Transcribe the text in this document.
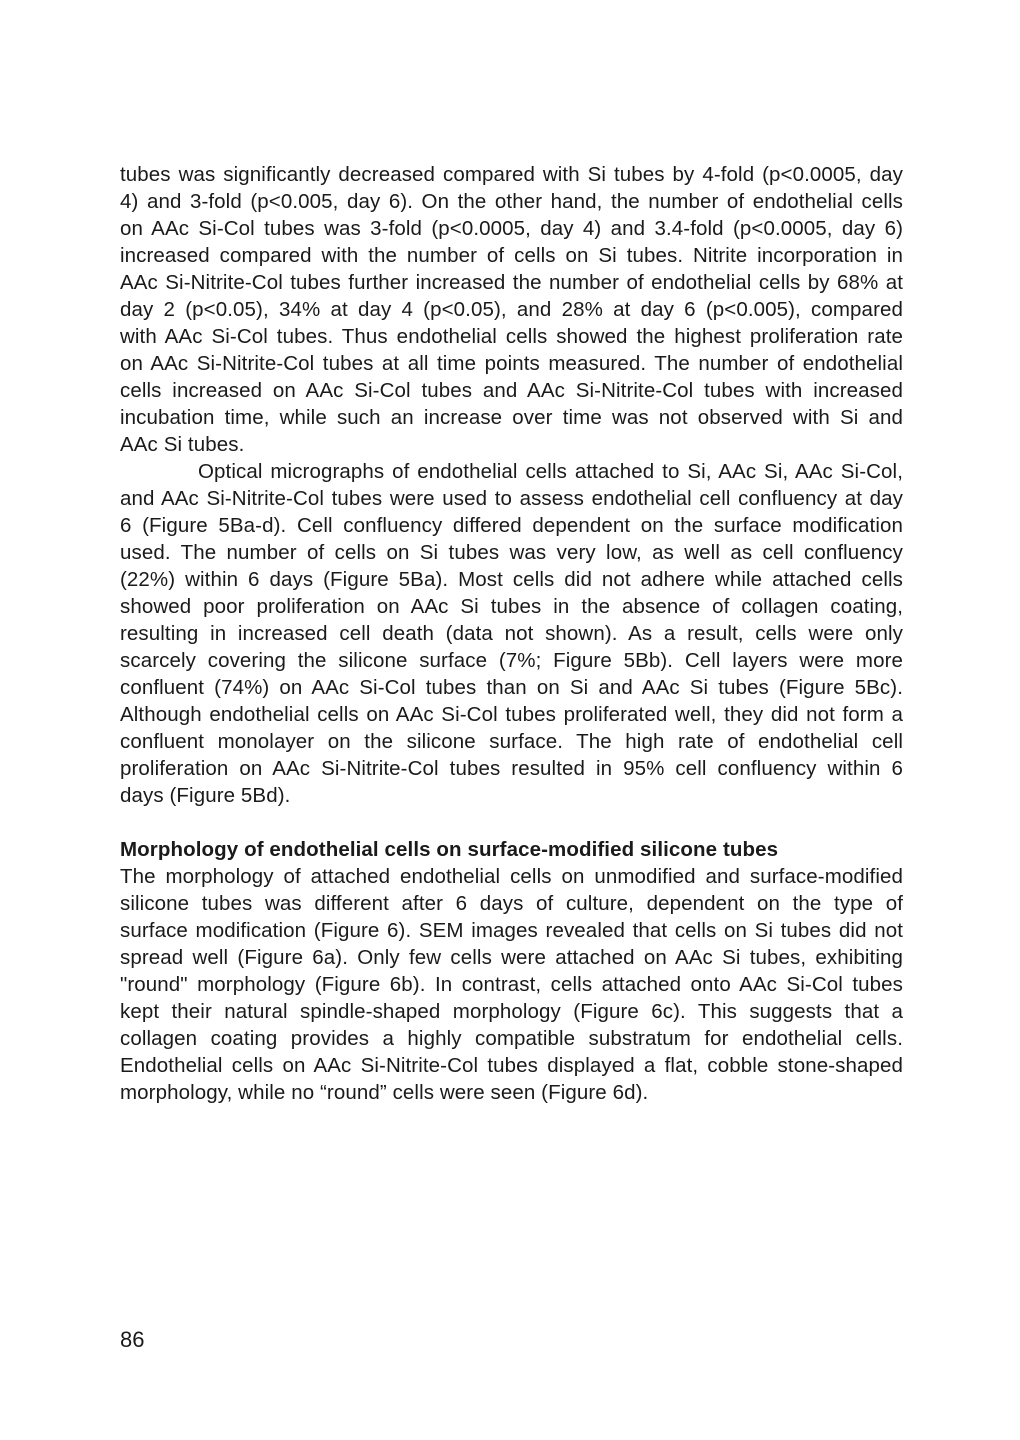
tubes was significantly decreased compared with Si tubes by 4-fold (p<0.0005, day
4) and 3-fold (p<0.005, day 6). On the other hand, the number of endothelial cells
on AAc Si-Col tubes was 3-fold (p<0.0005, day 4) and 3.4-fold (p<0.0005, day 6)
increased compared with the number of cells on Si tubes. Nitrite incorporation in
AAc Si-Nitrite-Col tubes further increased the number of endothelial cells by 68% at
day 2 (p<0.05), 34% at day 4 (p<0.05), and 28% at day 6 (p<0.005), compared
with AAc Si-Col tubes. Thus endothelial cells showed the highest proliferation rate
on AAc Si-Nitrite-Col tubes at all time points measured. The number of endothelial
cells increased on AAc Si-Col tubes and AAc Si-Nitrite-Col tubes with increased
incubation time, while such an increase over time was not observed with Si and
AAc Si tubes.
Optical micrographs of endothelial cells attached to Si, AAc Si, AAc Si-Col,
and AAc Si-Nitrite-Col tubes were used to assess endothelial cell confluency at day
6 (Figure 5Ba-d). Cell confluency differed dependent on the surface modification
used. The number of cells on Si tubes was very low, as well as cell confluency
(22%) within 6 days (Figure 5Ba). Most cells did not adhere while attached cells
showed poor proliferation on AAc Si tubes in the absence of collagen coating,
resulting in increased cell death (data not shown). As a result, cells were only
scarcely covering the silicone surface (7%; Figure 5Bb). Cell layers were more
confluent (74%) on AAc Si-Col tubes than on Si and AAc Si tubes (Figure 5Bc).
Although endothelial cells on AAc Si-Col tubes proliferated well, they did not form a
confluent monolayer on the silicone surface. The high rate of endothelial cell
proliferation on AAc Si-Nitrite-Col tubes resulted in 95% cell confluency within 6
days (Figure 5Bd).
Morphology of endothelial cells on surface-modified silicone tubes
The morphology of attached endothelial cells on unmodified and surface-modified
silicone tubes was different after 6 days of culture, dependent on the type of
surface modification (Figure 6). SEM images revealed that cells on Si tubes did not
spread well (Figure 6a). Only few cells were attached on AAc Si tubes, exhibiting
"round" morphology (Figure 6b). In contrast, cells attached onto AAc Si-Col tubes
kept their natural spindle-shaped morphology (Figure 6c). This suggests that a
collagen coating provides a highly compatible substratum for endothelial cells.
Endothelial cells on AAc Si-Nitrite-Col tubes displayed a flat, cobble stone-shaped
morphology, while no “round” cells were seen (Figure 6d).
86
